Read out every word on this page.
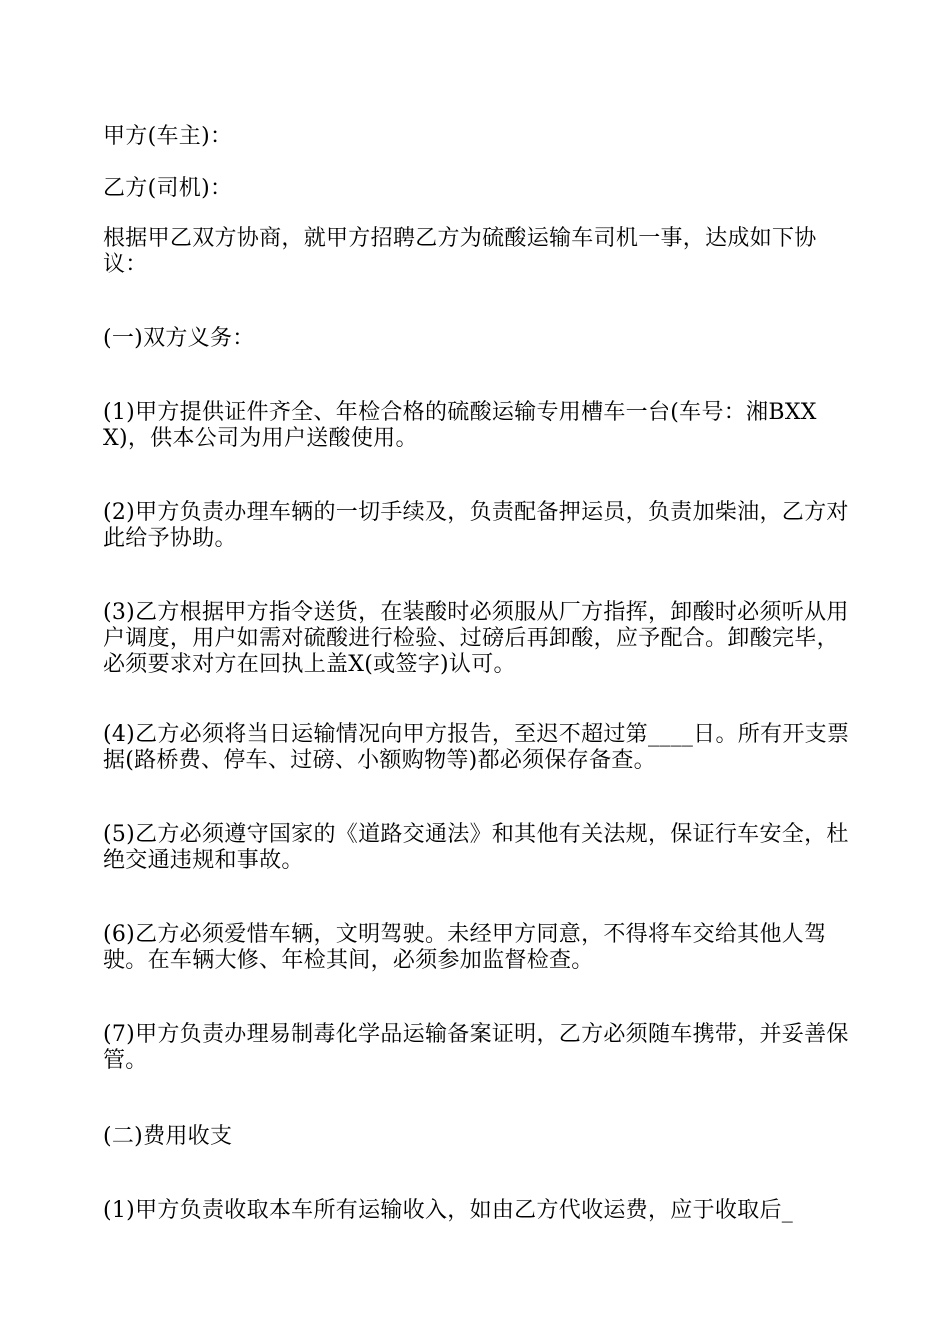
甲方(车主)：
乙方(司机)：
根据甲乙双方协商，就甲方招聘乙方为硫酸运输车司机一事，达成如下协议：
(一)双方义务：
(1)甲方提供证件齐全、年检合格的硫酸运输专用槽车一台(车号：湘BXXX)，供本公司为用户送酸使用。
(2)甲方负责办理车辆的一切手续及，负责配备押运员，负责加柴油，乙方对此给予协助。
(3)乙方根据甲方指令送货，在装酸时必须服从厂方指挥，卸酸时必须听从用户调度，用户如需对硫酸进行检验、过磅后再卸酸，应予配合。卸酸完毕，必须要求对方在回执上盖X(或签字)认可。
(4)乙方必须将当日运输情况向甲方报告，至迟不超过第____日。所有开支票据(路桥费、停车、过磅、小额购物等)都必须保存备查。
(5)乙方必须遵守国家的《道路交通法》和其他有关法规，保证行车安全，杜绝交通违规和事故。
(6)乙方必须爱惜车辆，文明驾驶。未经甲方同意，不得将车交给其他人驾驶。在车辆大修、年检其间，必须参加监督检查。
(7)甲方负责办理易制毒化学品运输备案证明，乙方必须随车携带，并妥善保管。
(二)费用收支
(1)甲方负责收取本车所有运输收入，如由乙方代收运费，应于收取后_
